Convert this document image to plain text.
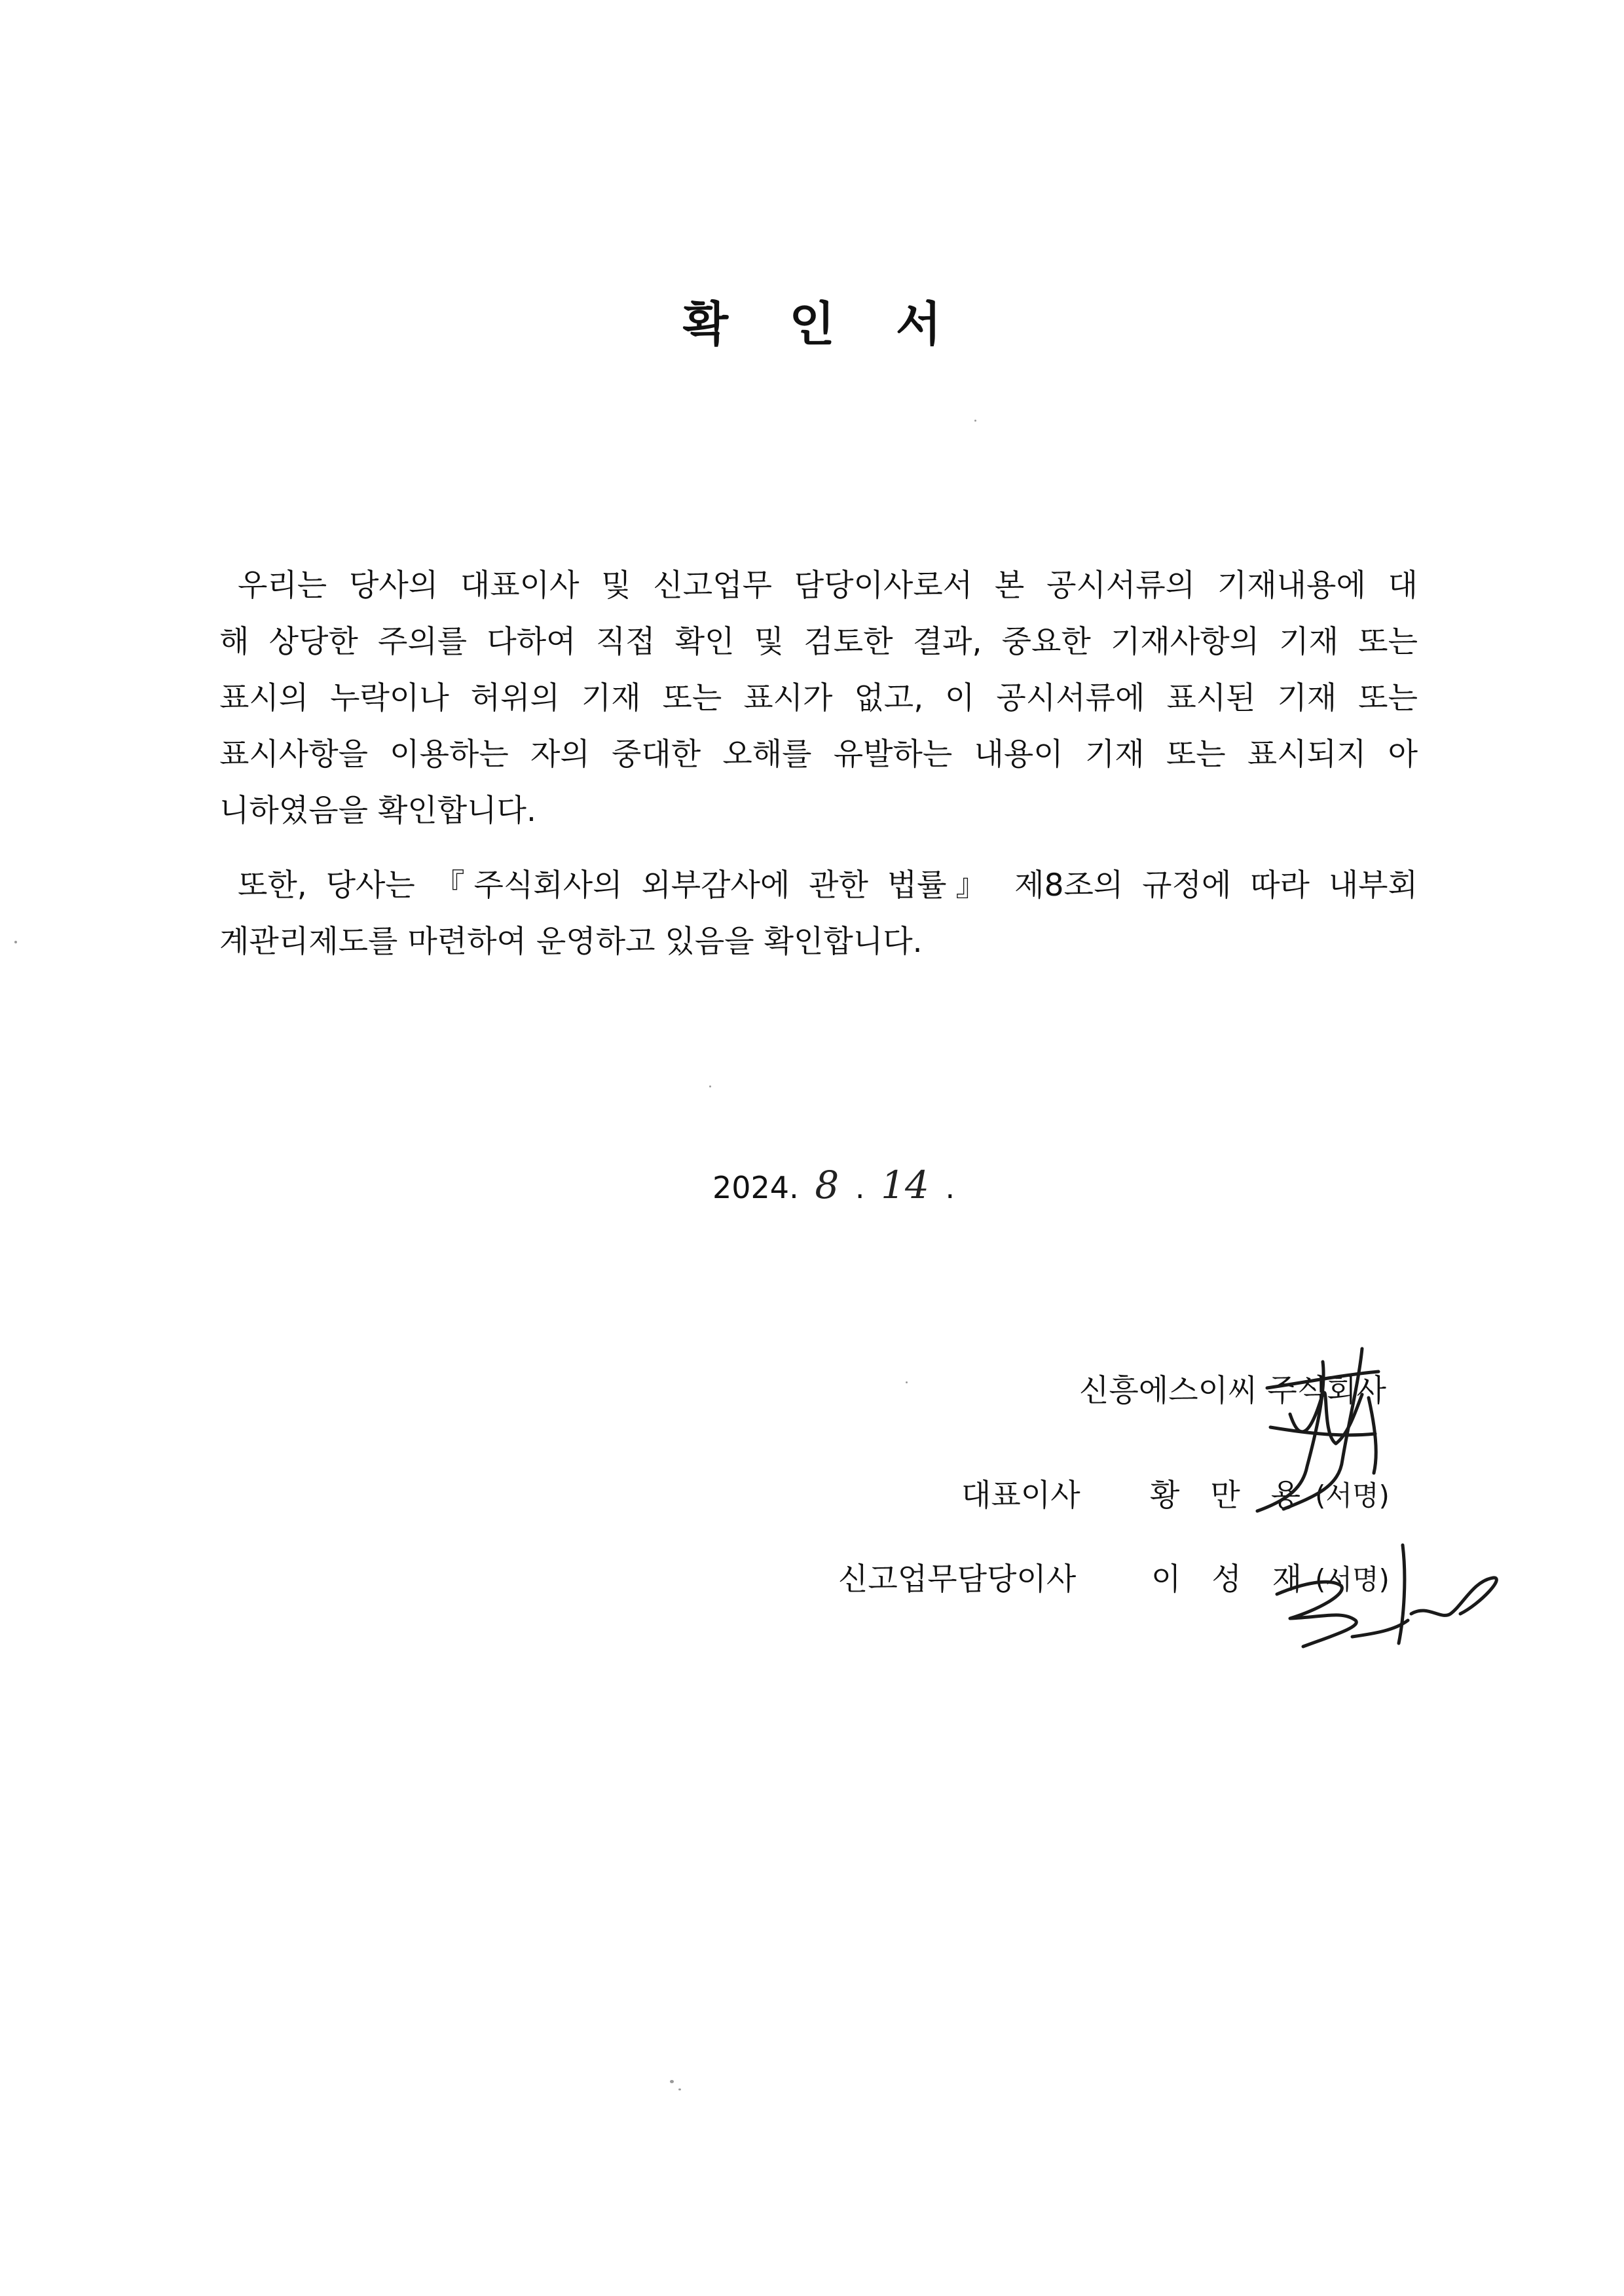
확 인 서
우리는 당사의 대표이사 및 신고업무 담당이사로서 본 공시서류의 기재내용에 대
해 상당한 주의를 다하여 직접 확인 및 검토한 결과, 중요한 기재사항의 기재 또는
표시의 누락이나 허위의 기재 또는 표시가 없고, 이 공시서류에 표시된 기재 또는
표시사항을 이용하는 자의 중대한 오해를 유발하는 내용이 기재 또는 표시되지 아
니하였음을 확인합니다.
또한, 당사는 『주식회사의 외부감사에 관한 법률』 제8조의 규정에 따라 내부회
계관리제도를 마련하여 운영하고 있음을 확인합니다.
2024. 8 . 14 .
신흥에스이씨 주식회사
대표이사 황 만 용 (서명)
신고업무담당이사 이 성 재 (서명)
